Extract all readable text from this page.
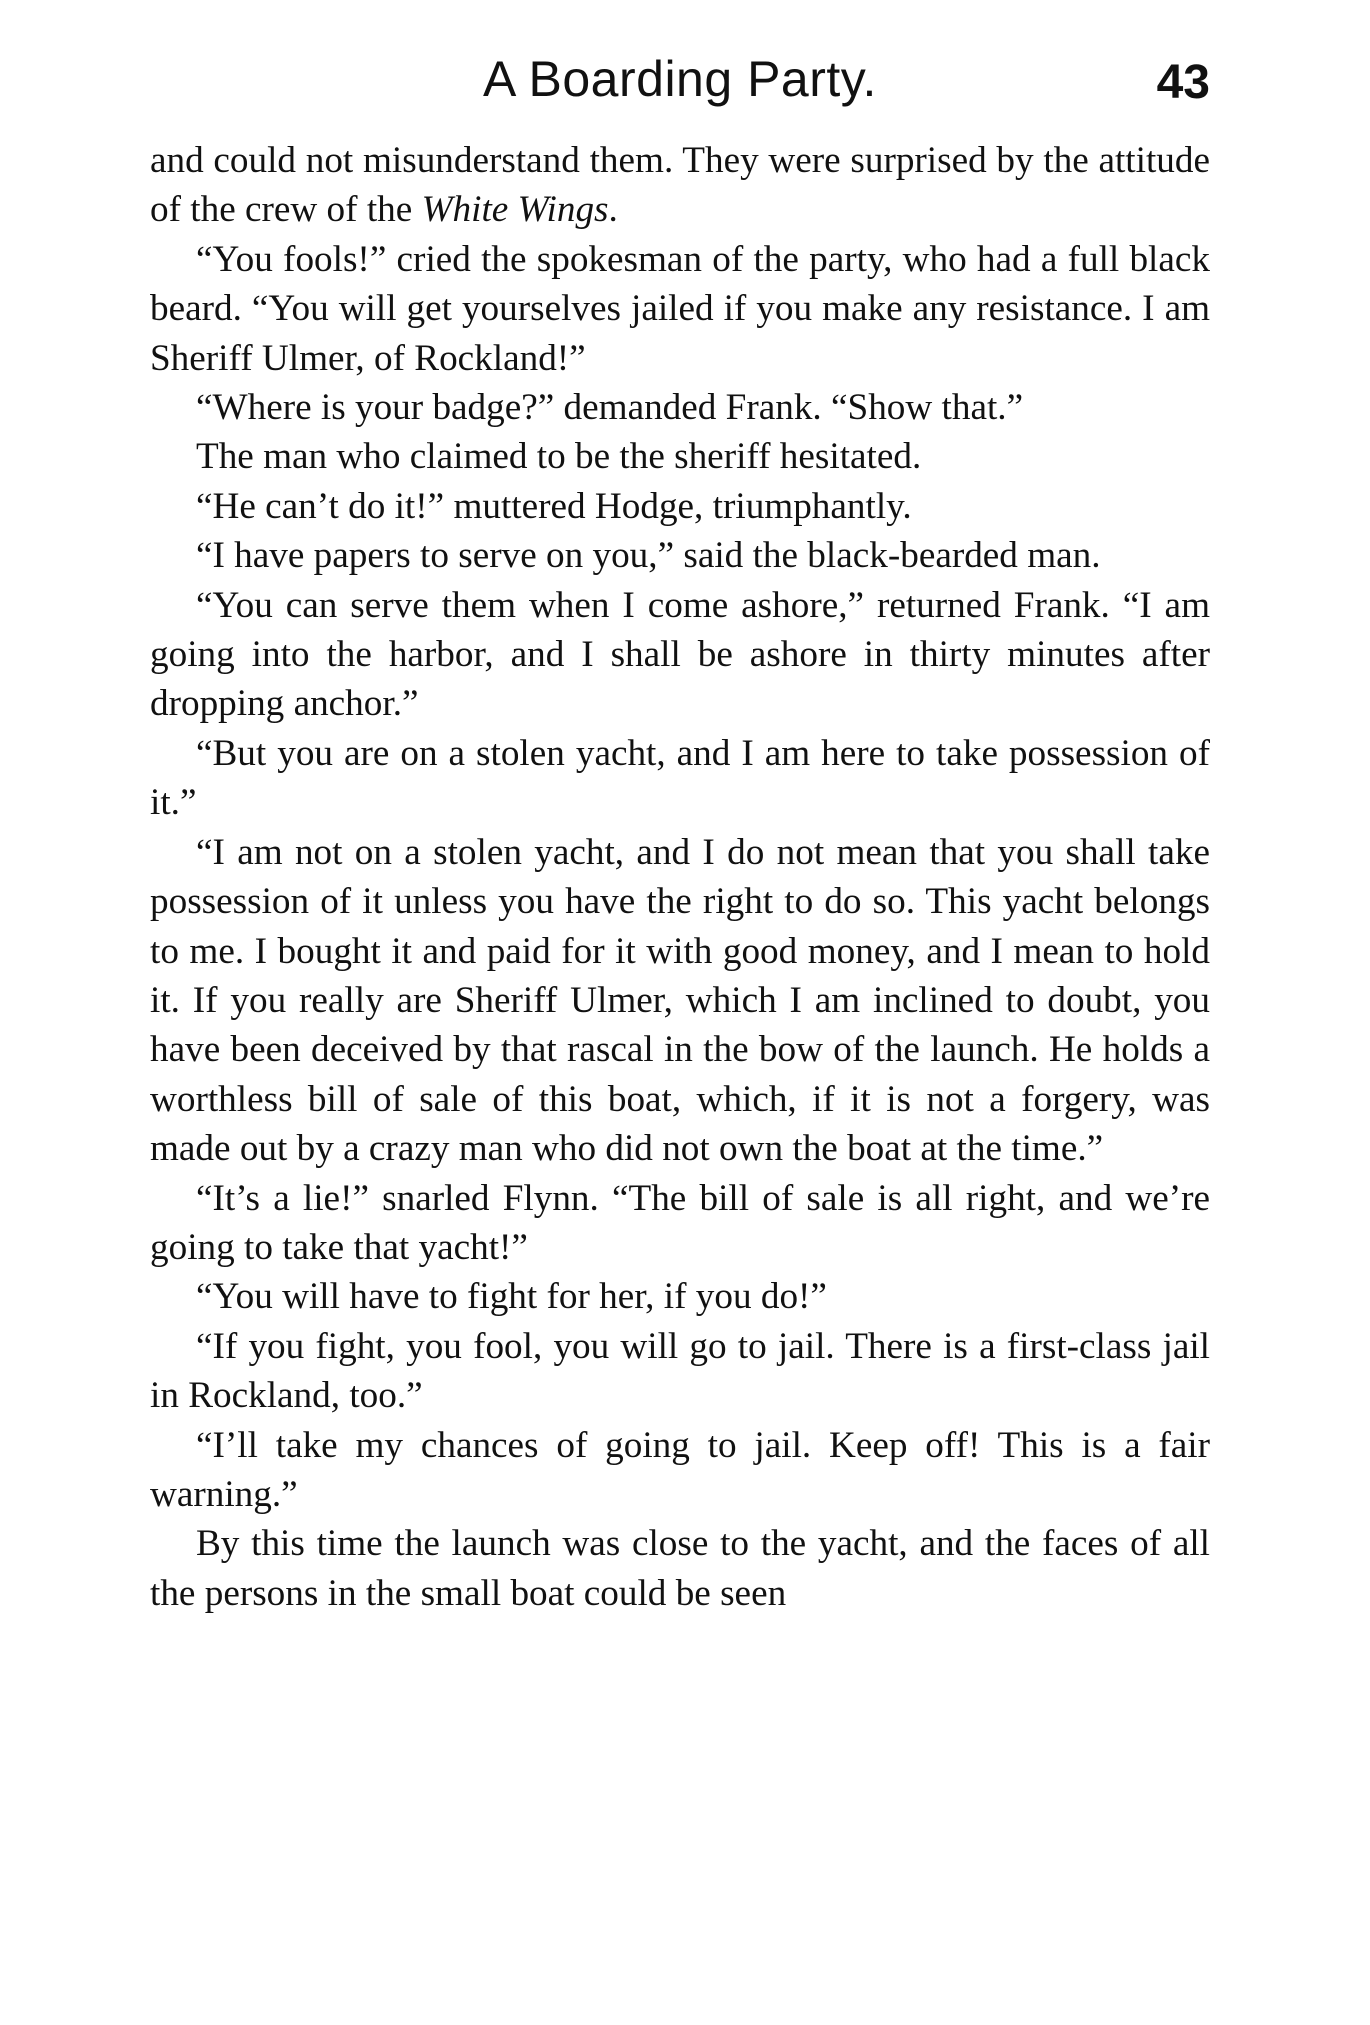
A Boarding Party.	43

and could not misunderstand them. They were surprised by the attitude of the crew of the White Wings.

“You fools!” cried the spokesman of the party, who had a full black beard. “You will get yourselves jailed if you make any resistance. I am Sheriff Ulmer, of Rockland!”

“Where is your badge?” demanded Frank. “Show that.”

The man who claimed to be the sheriff hesitated.

“He can’t do it!” muttered Hodge, triumphantly.

“I have papers to serve on you,” said the black-bearded man.

“You can serve them when I come ashore,” returned Frank. “I am going into the harbor, and I shall be ashore in thirty minutes after dropping anchor.”

“But you are on a stolen yacht, and I am here to take possession of it.”

“I am not on a stolen yacht, and I do not mean that you shall take possession of it unless you have the right to do so. This yacht belongs to me. I bought it and paid for it with good money, and I mean to hold it. If you really are Sheriff Ulmer, which I am inclined to doubt, you have been deceived by that rascal in the bow of the launch. He holds a worthless bill of sale of this boat, which, if it is not a forgery, was made out by a crazy man who did not own the boat at the time.”

“It’s a lie!” snarled Flynn. “The bill of sale is all right, and we’re going to take that yacht!”

“You will have to fight for her, if you do!”

“If you fight, you fool, you will go to jail. There is a first-class jail in Rockland, too.”

“I’ll take my chances of going to jail. Keep off! This is a fair warning.”

By this time the launch was close to the yacht, and the faces of all the persons in the small boat could be seen
